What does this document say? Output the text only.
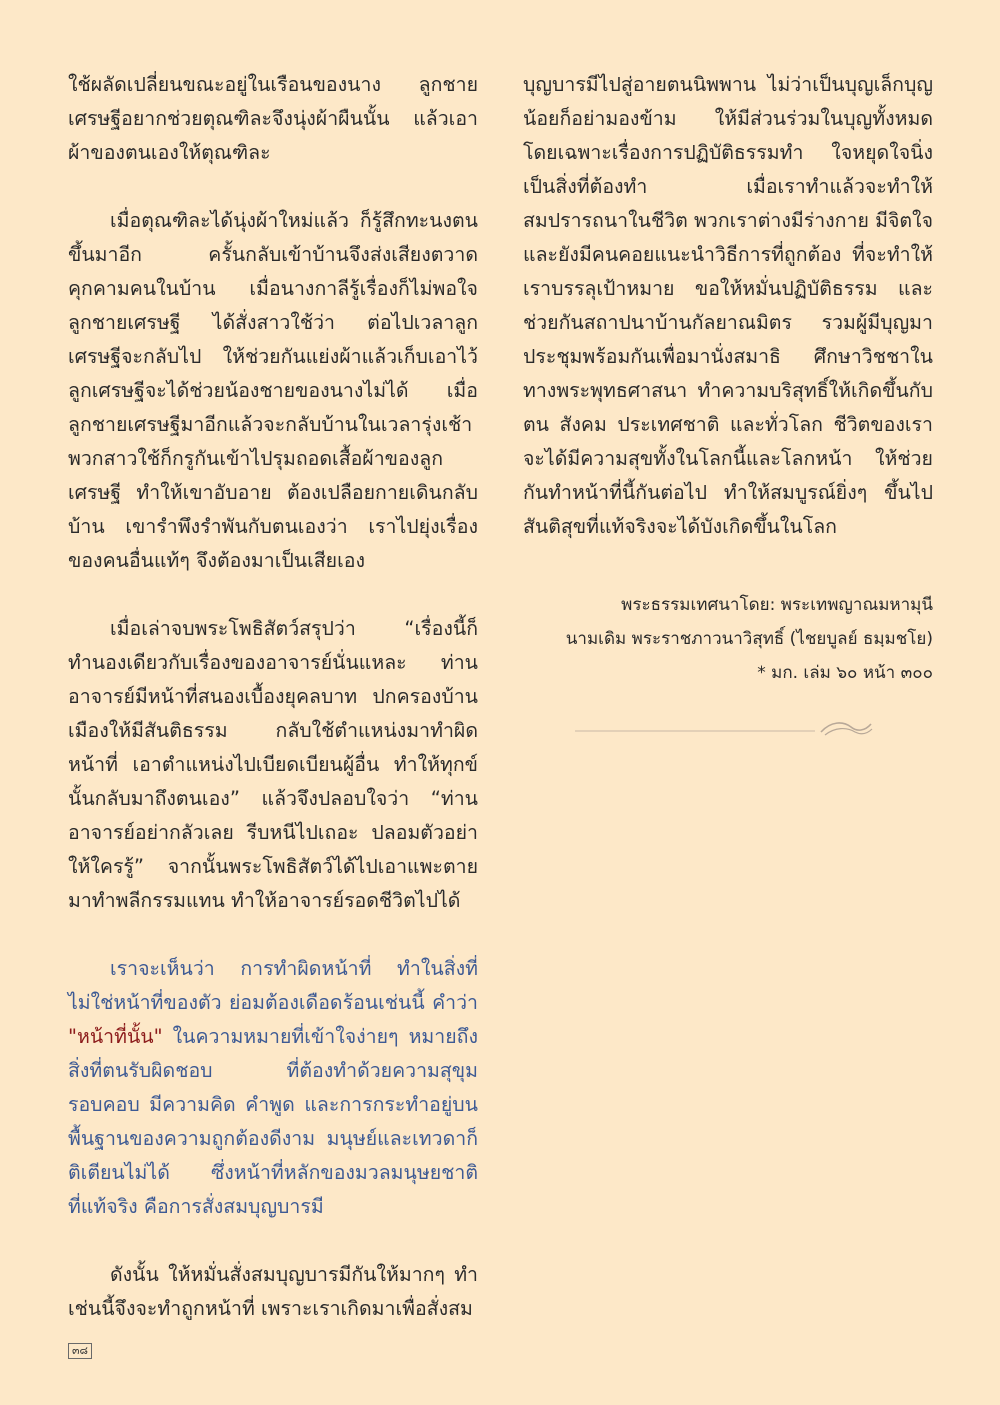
ใช้ผลัดเปลี่ยนขณะอยู่ในเรือนของนาง ลูกชายเศรษฐีอยากช่วยตุณฑิละจึงนุ่งผ้าผืนนั้น แล้วเอาผ้าของตนเองให้ตุณฑิละ

เมื่อตุณฑิละได้นุ่งผ้าใหม่แล้ว ก็รู้สึกทะนงตนขึ้นมาอีก ครั้นกลับเข้าบ้านจึงส่งเสียงตวาดคุกคามคนในบ้าน เมื่อนางกาลีรู้เรื่องก็ไม่พอใจลูกชายเศรษฐี ได้สั่งสาวใช้ว่า ต่อไปเวลาลูกเศรษฐีจะกลับไป ให้ช่วยกันแย่งผ้าแล้วเก็บเอาไว้ ลูกเศรษฐีจะได้ช่วยน้องชายของนางไม่ได้ เมื่อลูกชายเศรษฐีมาอีกแล้วจะกลับบ้านในเวลารุ่งเช้า พวกสาวใช้ก็กรูกันเข้าไปรุมถอดเสื้อผ้าของลูกเศรษฐี ทำให้เขาอับอาย ต้องเปลือยกายเดินกลับบ้าน เขารำพึงรำพันกับตนเองว่า เราไปยุ่งเรื่องของคนอื่นแท้ๆ จึงต้องมาเป็นเสียเอง

เมื่อเล่าจบพระโพธิสัตว์สรุปว่า “เรื่องนี้ก็ทำนองเดียวกับเรื่องของอาจารย์นั่นแหละ ท่านอาจารย์มีหน้าที่สนองเบื้องยุคลบาท ปกครองบ้านเมืองให้มีสันติธรรม กลับใช้ตำแหน่งมาทำผิดหน้าที่ เอาตำแหน่งไปเบียดเบียนผู้อื่น ทำให้ทุกข์นั้นกลับมาถึงตนเอง” แล้วจึงปลอบใจว่า “ท่านอาจารย์อย่ากลัวเลย รีบหนีไปเถอะ ปลอมตัวอย่าให้ใครรู้” จากนั้นพระโพธิสัตว์ได้ไปเอาแพะตาย มาทำพลีกรรมแทน ทำให้อาจารย์รอดชีวิตไปได้

เราจะเห็นว่า การทำผิดหน้าที่ ทำในสิ่งที่ไม่ใช่หน้าที่ของตัว ย่อมต้องเดือดร้อนเช่นนี้ คำว่า "หน้าที่นั้น" ในความหมายที่เข้าใจง่ายๆ หมายถึงสิ่งที่ตนรับผิดชอบ ที่ต้องทำด้วยความสุขุมรอบคอบ มีความคิด คำพูด และการกระทำอยู่บนพื้นฐานของความถูกต้องดีงาม มนุษย์และเทวดาก็ติเตียนไม่ได้ ซึ่งหน้าที่หลักของมวลมนุษยชาติที่แท้จริง คือการสั่งสมบุญบารมี

ดังนั้น ให้หมั่นสั่งสมบุญบารมีกันให้มากๆ ทำเช่นนี้จึงจะทำถูกหน้าที่ เพราะเราเกิดมาเพื่อสั่งสม

บุญบารมีไปสู่อายตนนิพพาน ไม่ว่าเป็นบุญเล็กบุญน้อยก็อย่ามองข้าม ให้มีส่วนร่วมในบุญทั้งหมด โดยเฉพาะเรื่องการปฏิบัติธรรมทำ ใจหยุดใจนิ่ง เป็นสิ่งที่ต้องทำ เมื่อเราทำแล้วจะทำให้สมปรารถนาในชีวิต พวกเราต่างมีร่างกาย มีจิตใจ และยังมีคนคอยแนะนำวิธีการที่ถูกต้อง ที่จะทำให้เราบรรลุเป้าหมาย ขอให้หมั่นปฏิบัติธรรม และช่วยกันสถาปนาบ้านกัลยาณมิตร รวมผู้มีบุญมาประชุมพร้อมกันเพื่อมานั่งสมาธิ ศึกษาวิชชาในทางพระพุทธศาสนา ทำความบริสุทธิ์ให้เกิดขึ้นกับตน สังคม ประเทศชาติ และทั่วโลก ชีวิตของเราจะได้มีความสุขทั้งในโลกนี้และโลกหน้า ให้ช่วยกันทำหน้าที่นี้กันต่อไป ทำให้สมบูรณ์ยิ่งๆ ขึ้นไป สันติสุขที่แท้จริงจะได้บังเกิดขึ้นในโลก

พระธรรมเทศนาโดย: พระเทพญาณมหามุนี
นามเดิม พระราชภาวนาวิสุทธิ์ (ไชยบูลย์ ธมฺมชโย)
* มก. เล่ม ๖๐ หน้า ๓๐๐
๓๘
